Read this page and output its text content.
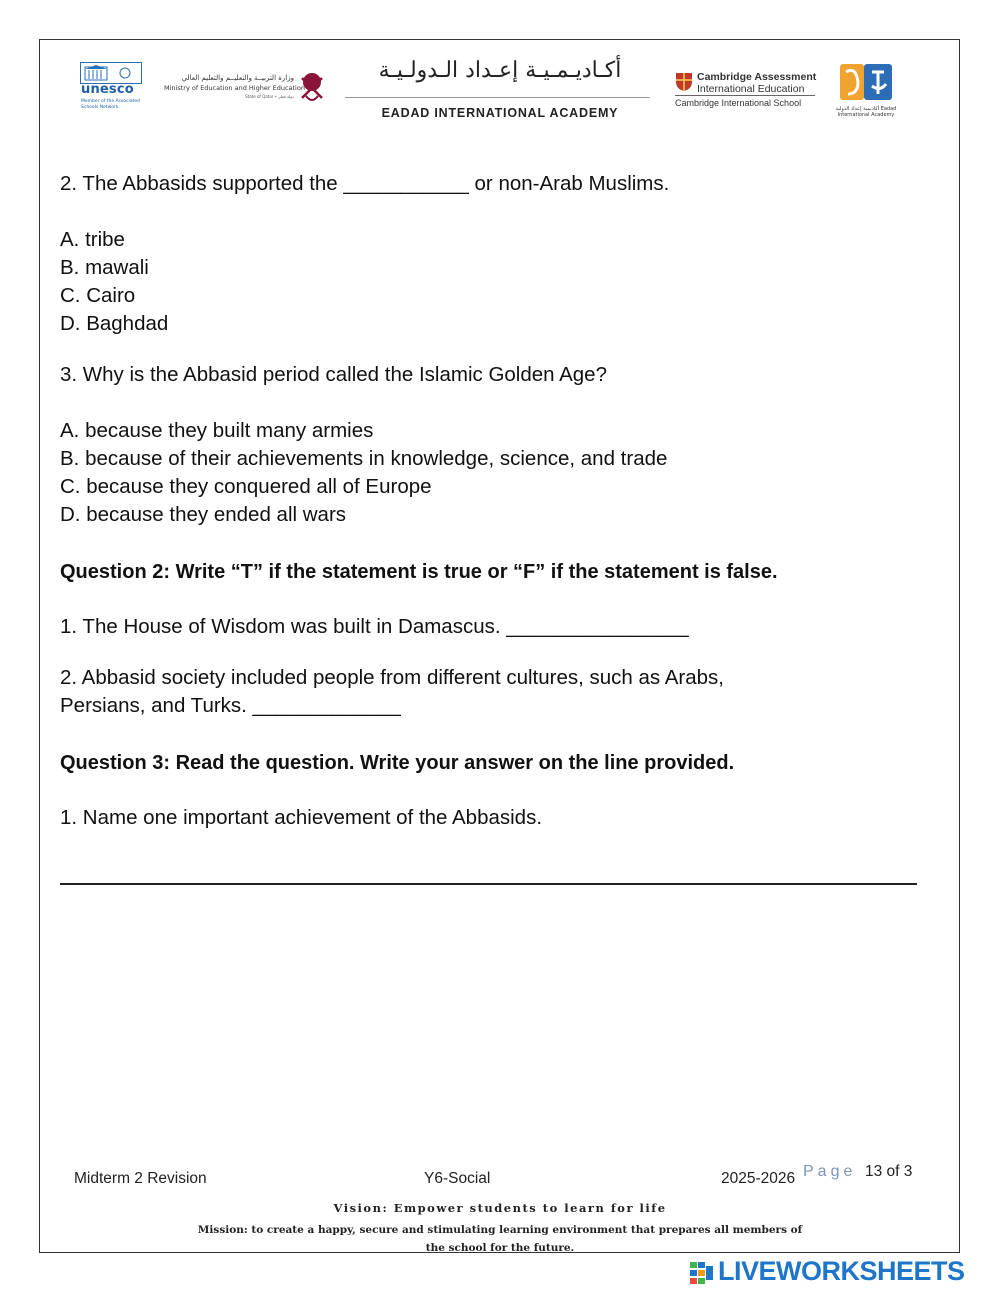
unesco
Member of the Associated Schools Network
وزارة التربيــة والتعليــم والتعليم العالي
Ministry of Education and Higher Education
State of Qatar • دولة قطر
أكـاديـمـيـة إعـداد الـدولـيـة
EADAD INTERNATIONAL ACADEMY
Cambridge Assessment
International Education
Cambridge International School
أكاديمية إعداد الدولية Eadad International Academy
2. The Abbasids supported the ___________ or non-Arab Muslims.
A. tribe
B. mawali
C. Cairo
D. Baghdad
3. Why is the Abbasid period called the Islamic Golden Age?
A. because they built many armies
B. because of their achievements in knowledge, science, and trade
C. because they conquered all of Europe
D. because they ended all wars
Question 2: Write “T” if the statement is true or “F” if the statement is false.
1. The House of Wisdom was built in Damascus. ________________
2. Abbasid society included people from different cultures, such as Arabs,
Persians, and Turks. _____________
Question 3: Read the question. Write your answer on the line provided.
1. Name one important achievement of the Abbasids.
Midterm 2 Revision	Y6-Social	2025-2026 Page 13 of 3
Vision: Empower students to learn for life
Mission: to create a happy, secure and stimulating learning environment that prepares all members of
the school for the future.
LIVEWORKSHEETS
